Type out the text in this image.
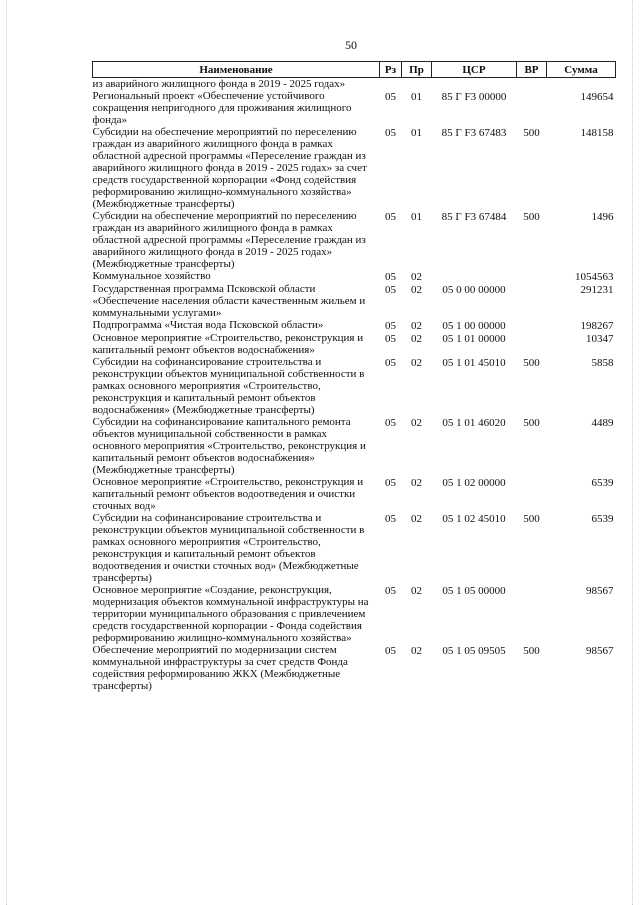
50
Наименование	Рз	Пр	ЦСР	ВР	Сумма
из аварийного жилищного фонда в 2019 - 2025 годах»					
Региональный проект «Обеспечение устойчивого сокращения непригодного для проживания жилищного фонда»	05	01	85 Г F3 00000		149654
Субсидии на обеспечение мероприятий по переселению граждан из аварийного жилищного фонда в рамках областной адресной программы «Переселение граждан из аварийного жилищного фонда в 2019 - 2025 годах» за счет средств государственной корпорации «Фонд содействия реформированию жилищно-коммунального хозяйства» (Межбюджетные трансферты)	05	01	85 Г F3 67483	500	148158
Субсидии на обеспечение мероприятий по переселению граждан из аварийного жилищного фонда в рамках областной адресной программы «Переселение граждан из аварийного жилищного фонда в 2019 - 2025 годах» (Межбюджетные трансферты)	05	01	85 Г F3 67484	500	1496
Коммунальное хозяйство	05	02			1054563
Государственная программа Псковской области «Обеспечение населения области качественным жильем и коммунальными услугами»	05	02	05 0 00 00000		291231
Подпрограмма «Чистая вода Псковской области»	05	02	05 1 00 00000		198267
Основное мероприятие «Строительство, реконструкция и капитальный ремонт объектов водоснабжения»	05	02	05 1 01 00000		10347
Субсидии на софинансирование строительства и реконструкции объектов муниципальной собственности в рамках основного мероприятия «Строительство, реконструкция и капитальный ремонт объектов водоснабжения» (Межбюджетные трансферты)	05	02	05 1 01 45010	500	5858
Субсидии на софинансирование капитального ремонта объектов муниципальной собственности в рамках основного мероприятия «Строительство, реконструкция и капитальный ремонт объектов водоснабжения» (Межбюджетные трансферты)	05	02	05 1 01 46020	500	4489
Основное мероприятие «Строительство, реконструкция и капитальный ремонт объектов водоотведения и очистки сточных вод»	05	02	05 1 02 00000		6539
Субсидии на софинансирование строительства и реконструкции объектов муниципальной собственности в рамках основного мероприятия «Строительство, реконструкция и капитальный ремонт объектов водоотведения и очистки сточных вод» (Межбюджетные трансферты)	05	02	05 1 02 45010	500	6539
Основное мероприятие «Создание, реконструкция, модернизация объектов коммунальной инфраструктуры на территории муниципального образования с привлечением средств государственной корпорации - Фонда содействия реформированию жилищно-коммунального хозяйства»	05	02	05 1 05 00000		98567
Обеспечение мероприятий по модернизации систем коммунальной инфраструктуры за счет средств Фонда содействия реформированию ЖКХ (Межбюджетные трансферты)	05	02	05 1 05 09505	500	98567
